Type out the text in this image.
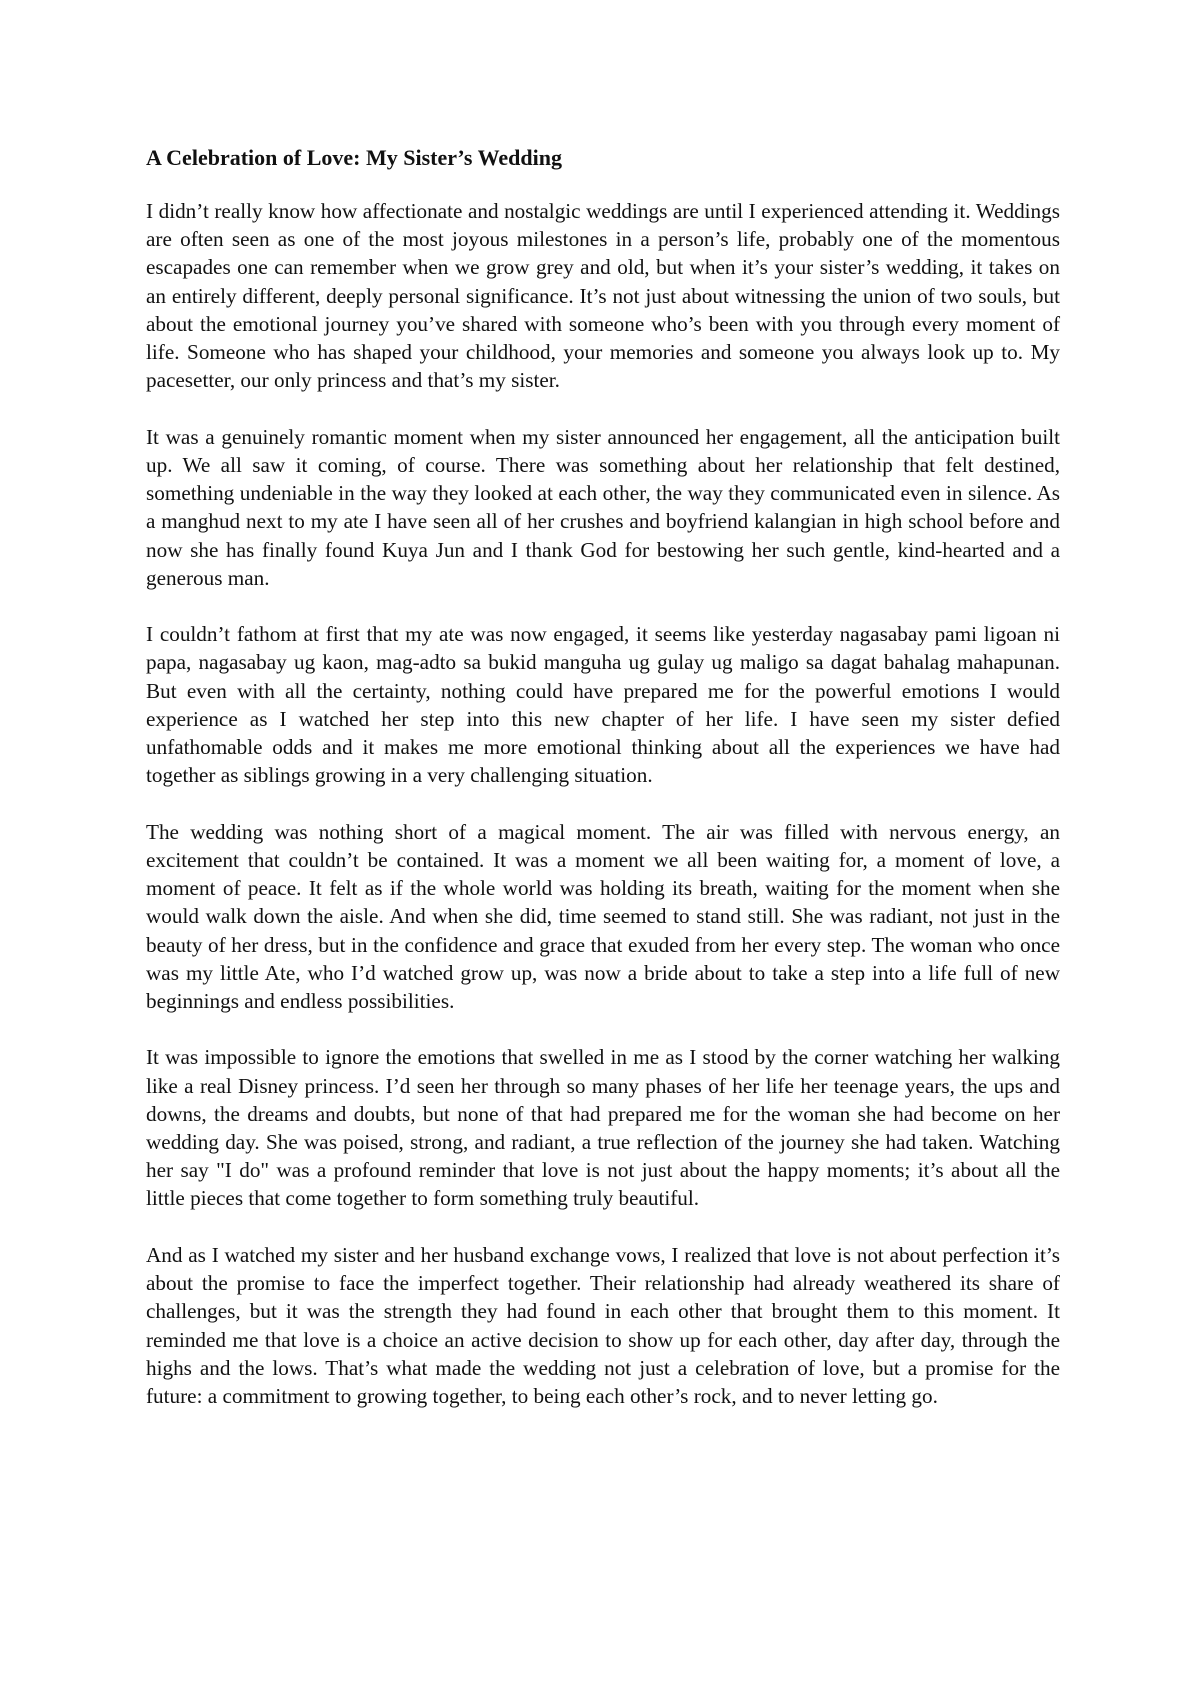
A Celebration of Love: My Sister’s Wedding

I didn’t really know how affectionate and nostalgic weddings are until I experienced attending it. Weddings are often seen as one of the most joyous milestones in a person’s life, probably one of the momentous escapades one can remember when we grow grey and old, but when it’s your sister’s wedding, it takes on an entirely different, deeply personal significance. It’s not just about witnessing the union of two souls, but about the emotional journey you’ve shared with someone who’s been with you through every moment of life. Someone who has shaped your childhood, your memories and someone you always look up to. My pacesetter, our only princess and that’s my sister.

It was a genuinely romantic moment when my sister announced her engagement, all the anticipation built up. We all saw it coming, of course. There was something about her relationship that felt destined, something undeniable in the way they looked at each other, the way they communicated even in silence. As a manghud next to my ate I have seen all of her crushes and boyfriend kalangian in high school before and now she has finally found Kuya Jun and I thank God for bestowing her such gentle, kind-hearted and a generous man.

I couldn’t fathom at first that my ate was now engaged, it seems like yesterday nagasabay pami ligoan ni papa, nagasabay ug kaon, mag-adto sa bukid manguha ug gulay ug maligo sa dagat bahalag mahapunan. But even with all the certainty, nothing could have prepared me for the powerful emotions I would experience as I watched her step into this new chapter of her life. I have seen my sister defied unfathomable odds and it makes me more emotional thinking about all the experiences we have had together as siblings growing in a very challenging situation.

The wedding was nothing short of a magical moment. The air was filled with nervous energy, an excitement that couldn’t be contained. It was a moment we all been waiting for, a moment of love, a moment of peace. It felt as if the whole world was holding its breath, waiting for the moment when she would walk down the aisle. And when she did, time seemed to stand still. She was radiant, not just in the beauty of her dress, but in the confidence and grace that exuded from her every step. The woman who once was my little Ate, who I’d watched grow up, was now a bride about to take a step into a life full of new beginnings and endless possibilities.

It was impossible to ignore the emotions that swelled in me as I stood by the corner watching her walking like a real Disney princess. I’d seen her through so many phases of her life her teenage years, the ups and downs, the dreams and doubts, but none of that had prepared me for the woman she had become on her wedding day. She was poised, strong, and radiant, a true reflection of the journey she had taken. Watching her say "I do" was a profound reminder that love is not just about the happy moments; it’s about all the little pieces that come together to form something truly beautiful.

And as I watched my sister and her husband exchange vows, I realized that love is not about perfection it’s about the promise to face the imperfect together. Their relationship had already weathered its share of challenges, but it was the strength they had found in each other that brought them to this moment. It reminded me that love is a choice an active decision to show up for each other, day after day, through the highs and the lows. That’s what made the wedding not just a celebration of love, but a promise for the future: a commitment to growing together, to being each other’s rock, and to never letting go.
